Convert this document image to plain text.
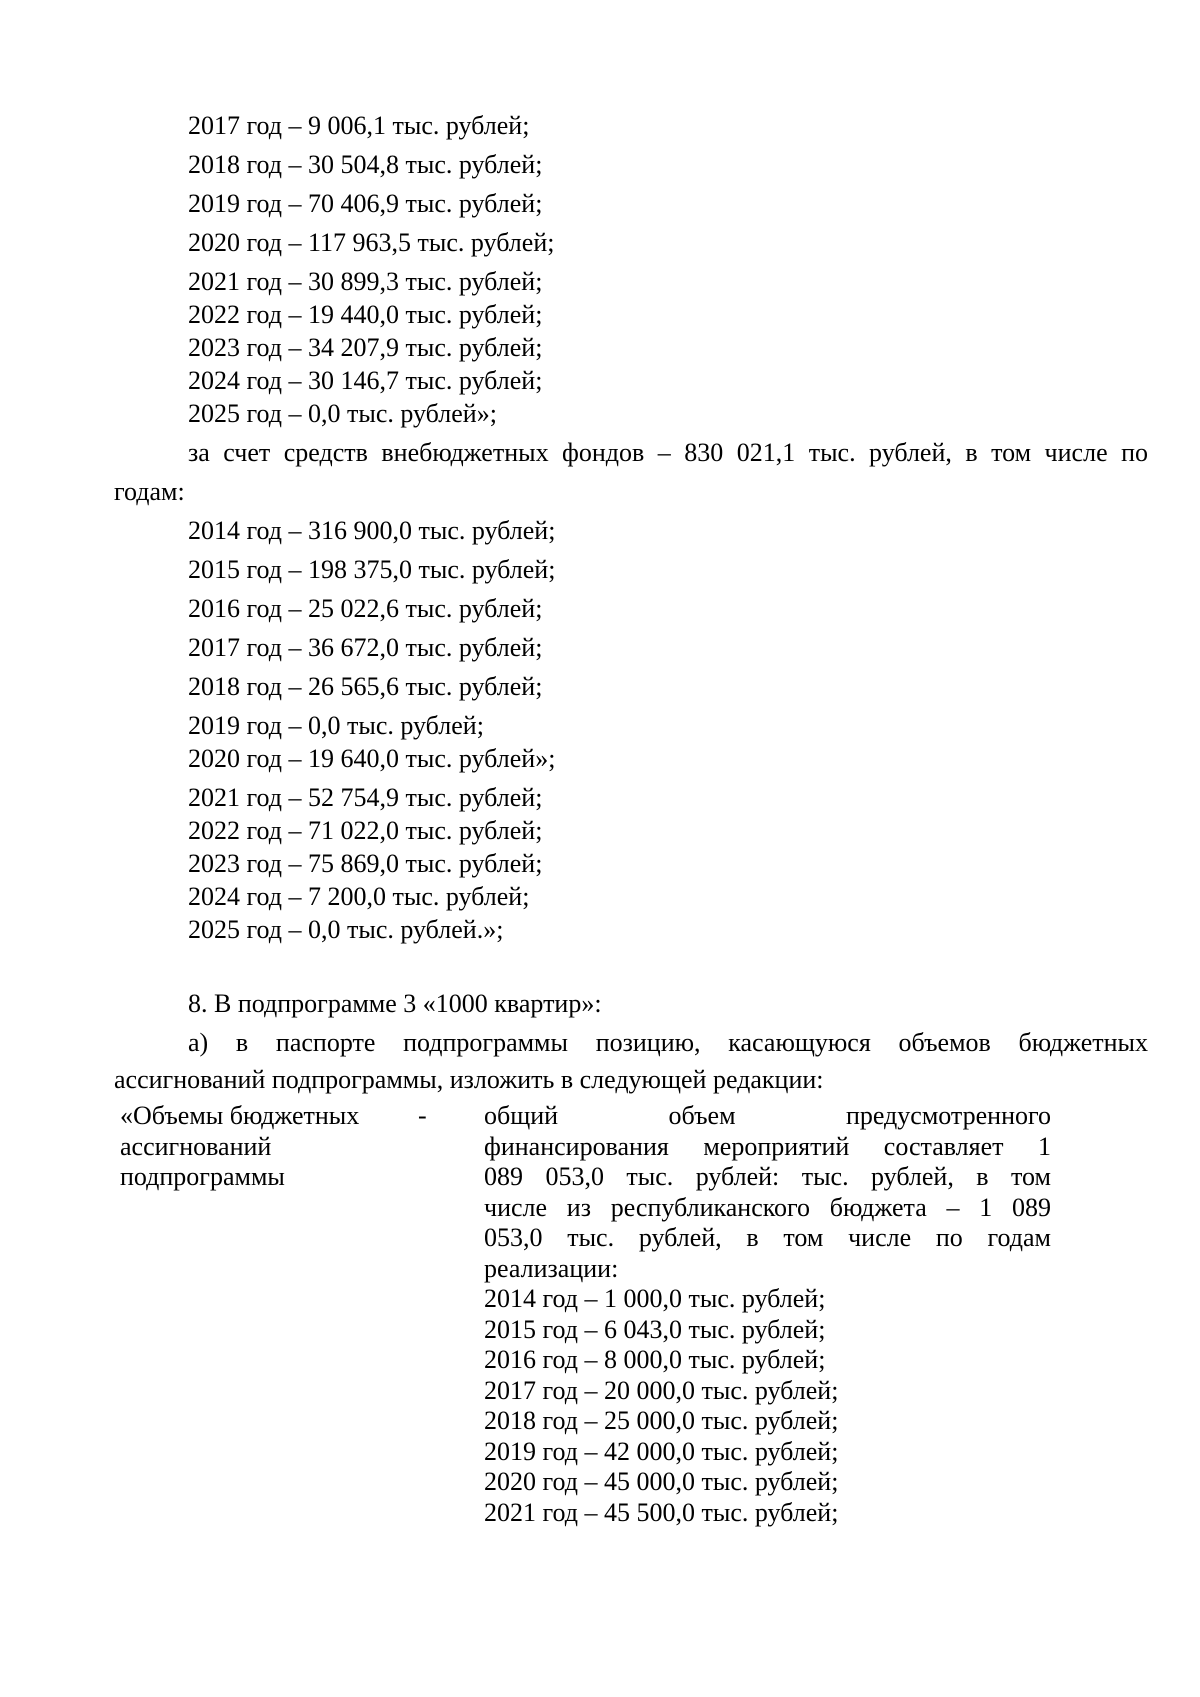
2017 год – 9 006,1 тыс. рублей;
2018 год – 30 504,8 тыс. рублей;
2019 год – 70 406,9 тыс. рублей;
2020 год – 117 963,5 тыс. рублей;
2021 год – 30 899,3 тыс. рублей;
2022 год – 19 440,0 тыс. рублей;
2023 год – 34 207,9 тыс. рублей;
2024 год – 30 146,7 тыс. рублей;
2025 год – 0,0 тыс. рублей»;
за счет средств внебюджетных фондов – 830 021,1 тыс. рублей, в том числе по
годам:
2014 год – 316 900,0 тыс. рублей;
2015 год – 198 375,0 тыс. рублей;
2016 год – 25 022,6 тыс. рублей;
2017 год – 36 672,0 тыс. рублей;
2018 год – 26 565,6 тыс. рублей;
2019 год – 0,0 тыс. рублей;
2020 год – 19 640,0 тыс. рублей»;
2021 год – 52 754,9 тыс. рублей;
2022 год – 71 022,0 тыс. рублей;
2023 год – 75 869,0 тыс. рублей;
2024 год – 7 200,0 тыс. рублей;
2025 год – 0,0 тыс. рублей.»;
8. В подпрограмме 3 «1000 квартир»:
а) в паспорте подпрограммы позицию, касающуюся объемов бюджетных
ассигнований подпрограммы, изложить в следующей редакции:
«Объемы бюджетных
ассигнований
подпрограммы
- общий объем предусмотренного
финансирования мероприятий составляет 1
089 053,0 тыс. рублей: тыс. рублей, в том
числе из республиканского бюджета – 1 089
053,0 тыс. рублей, в том числе по годам
реализации:
2014 год – 1 000,0 тыс. рублей;
2015 год – 6 043,0 тыс. рублей;
2016 год – 8 000,0 тыс. рублей;
2017 год – 20 000,0 тыс. рублей;
2018 год – 25 000,0 тыс. рублей;
2019 год – 42 000,0 тыс. рублей;
2020 год – 45 000,0 тыс. рублей;
2021 год – 45 500,0 тыс. рублей;
